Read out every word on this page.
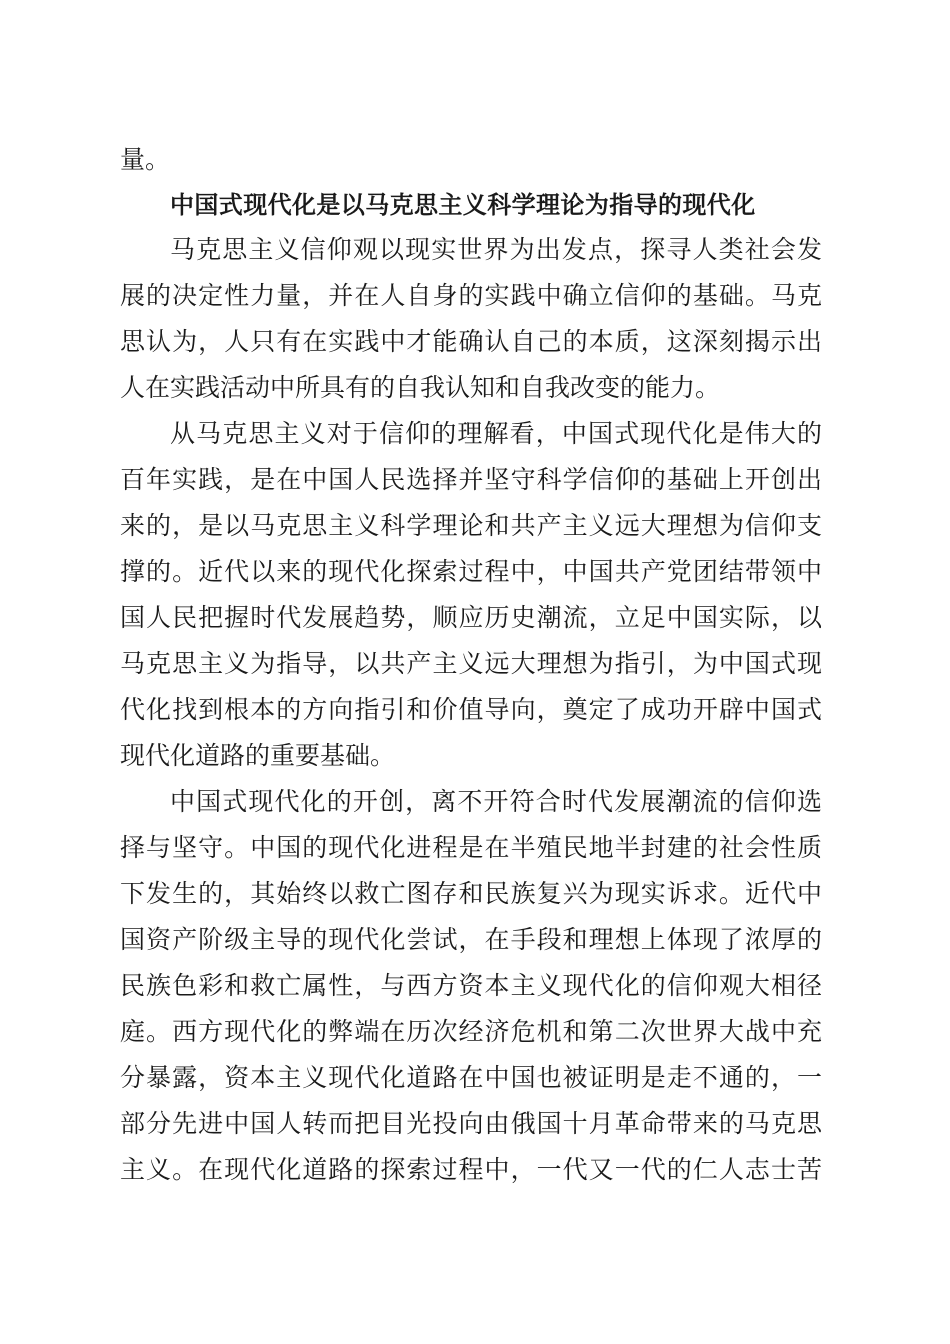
量。
中国式现代化是以马克思主义科学理论为指导的现代化
马克思主义信仰观以现实世界为出发点，探寻人类社会发
展的决定性力量，并在人自身的实践中确立信仰的基础。马克
思认为，人只有在实践中才能确认自己的本质，这深刻揭示出
人在实践活动中所具有的自我认知和自我改变的能力。
从马克思主义对于信仰的理解看，中国式现代化是伟大的
百年实践，是在中国人民选择并坚守科学信仰的基础上开创出
来的，是以马克思主义科学理论和共产主义远大理想为信仰支
撑的。近代以来的现代化探索过程中，中国共产党团结带领中
国人民把握时代发展趋势，顺应历史潮流，立足中国实际，以
马克思主义为指导，以共产主义远大理想为指引，为中国式现
代化找到根本的方向指引和价值导向，奠定了成功开辟中国式
现代化道路的重要基础。
中国式现代化的开创，离不开符合时代发展潮流的信仰选
择与坚守。中国的现代化进程是在半殖民地半封建的社会性质
下发生的，其始终以救亡图存和民族复兴为现实诉求。近代中
国资产阶级主导的现代化尝试，在手段和理想上体现了浓厚的
民族色彩和救亡属性，与西方资本主义现代化的信仰观大相径
庭。西方现代化的弊端在历次经济危机和第二次世界大战中充
分暴露，资本主义现代化道路在中国也被证明是走不通的，一
部分先进中国人转而把目光投向由俄国十月革命带来的马克思
主义。在现代化道路的探索过程中，一代又一代的仁人志士苦
